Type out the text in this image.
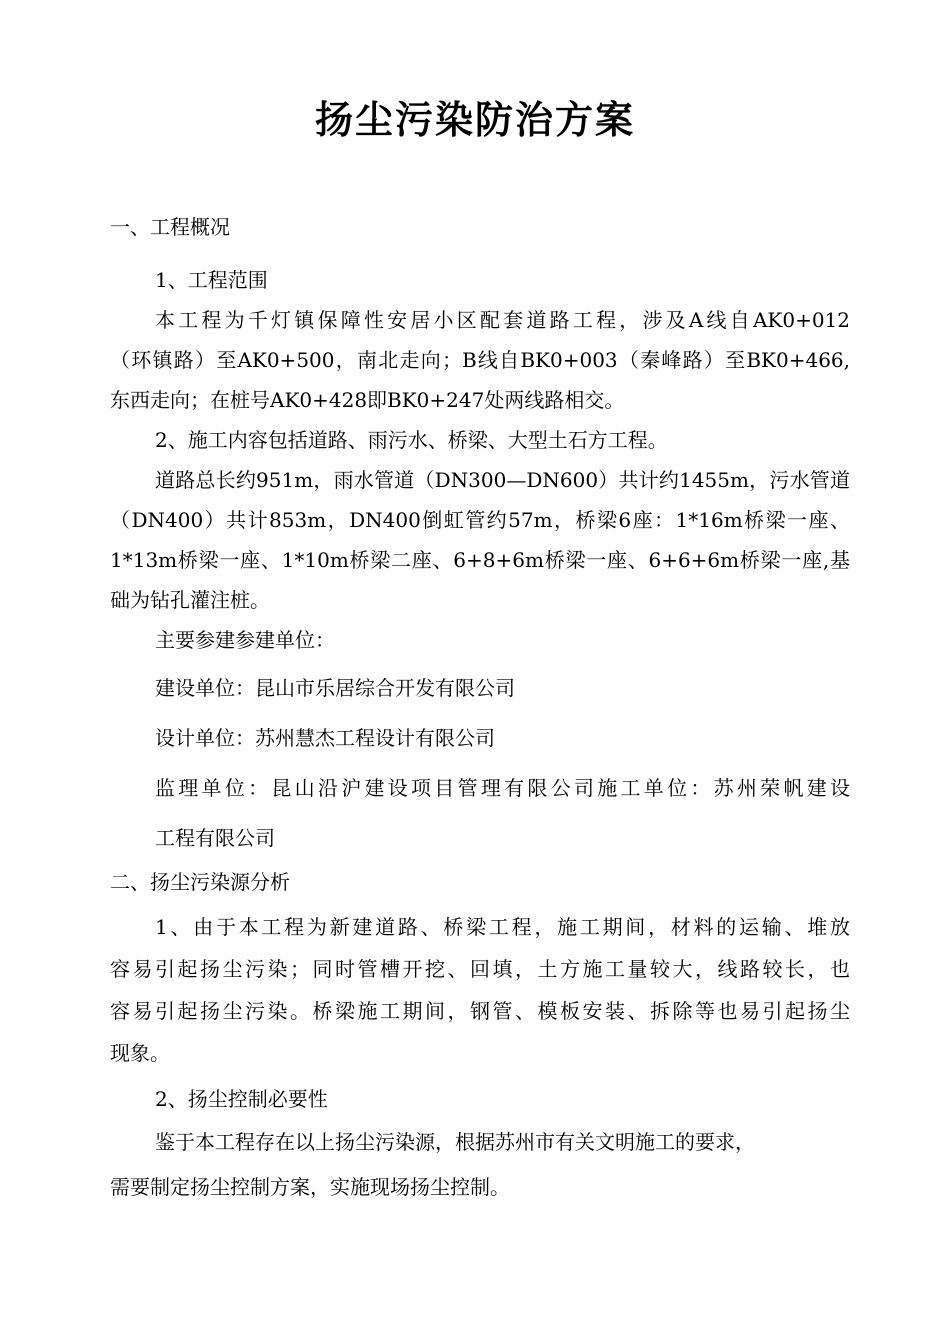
扬尘污染防治方案
一、工程概况
1、工程范围
本工程为千灯镇保障性安居小区配套道路工程，涉及A线自AK0+012
（环镇路）至AK0+500，南北走向；B线自BK0+003（秦峰路）至BK0+466,
东西走向；在桩号AK0+428即BK0+247处两线路相交。
2、施工内容包括道路、雨污水、桥梁、大型土石方工程。
道路总长约951m，雨水管道（DN300—DN600）共计约1455m，污水管道
（DN400）共计853m，DN400倒虹管约57m，桥梁6座：1*16m桥梁一座、
1*13m桥梁一座、1*10m桥梁二座、6+8+6m桥梁一座、6+6+6m桥梁一座,基
础为钻孔灌注桩。
主要参建参建单位：
建设单位：昆山市乐居综合开发有限公司
设计单位：苏州慧杰工程设计有限公司
监理单位：昆山沿沪建设项目管理有限公司施工单位：苏州荣帆建设
工程有限公司
二、扬尘污染源分析
1、由于本工程为新建道路、桥梁工程，施工期间，材料的运输、堆放
容易引起扬尘污染；同时管槽开挖、回填，土方施工量较大，线路较长，也
容易引起扬尘污染。桥梁施工期间，钢管、模板安装、拆除等也易引起扬尘
现象。
2、扬尘控制必要性
鉴于本工程存在以上扬尘污染源，根据苏州市有关文明施工的要求，
需要制定扬尘控制方案，实施现场扬尘控制。
